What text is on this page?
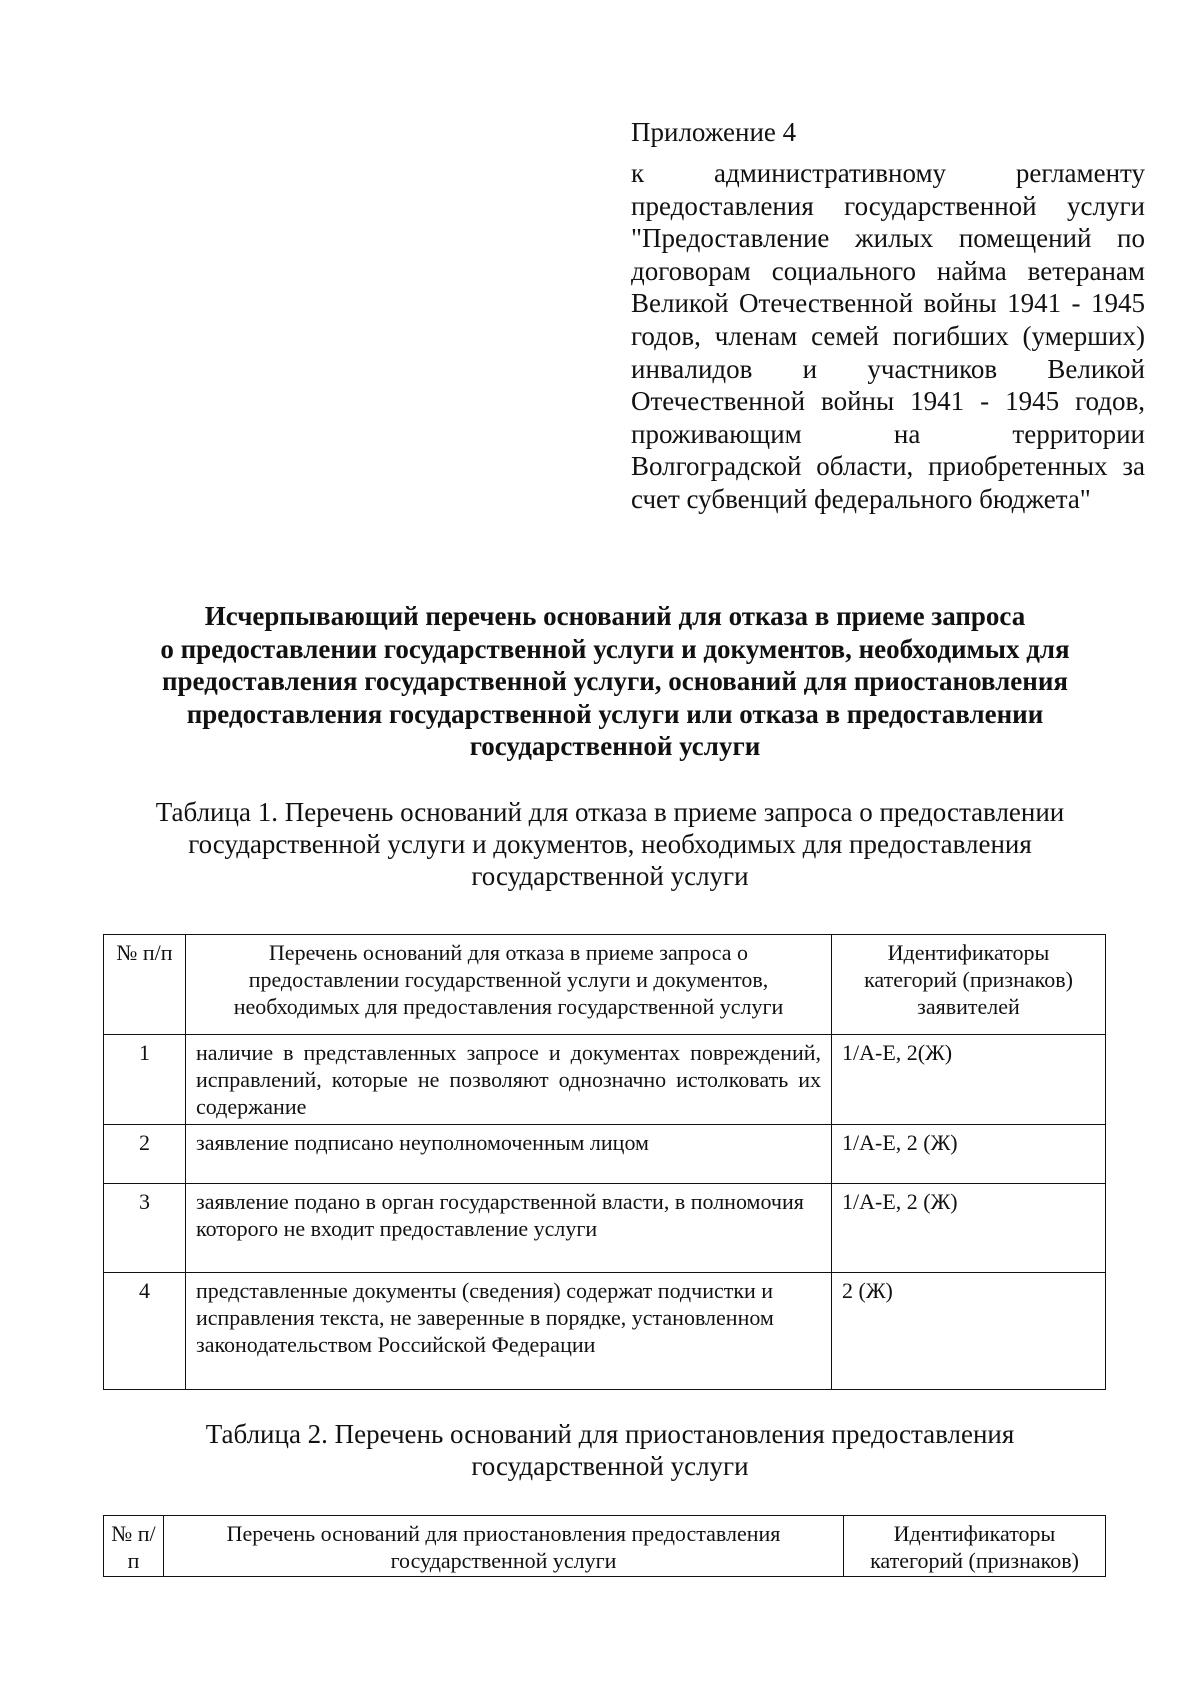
Приложение 4

к административному регламенту предоставления государственной услуги "Предоставление жилых помещений по договорам социального найма ветеранам Великой Отечественной войны 1941 - 1945 годов, членам семей погибших (умерших) инвалидов и участников Великой Отечественной войны 1941 - 1945 годов, проживающим на территории Волгоградской области, приобретенных за счет субвенций федерального бюджета"

Исчерпывающий перечень оснований для отказа в приеме запроса
о предоставлении государственной услуги и документов, необходимых для
предоставления государственной услуги, оснований для приостановления
предоставления государственной услуги или отказа в предоставлении
государственной услуги

Таблица 1. Перечень оснований для отказа в приеме запроса о предоставлении
государственной услуги и документов, необходимых для предоставления
государственной услуги

№ п/п	Перечень оснований для отказа в приеме запроса о предоставлении государственной услуги и документов, необходимых для предоставления государственной услуги	Идентификаторы категорий (признаков) заявителей
1	наличие в представленных запросе и документах повреждений, исправлений, которые не позволяют однозначно истолковать их содержание	1/А-Е, 2(Ж)
2	заявление подписано неуполномоченным лицом	1/А-Е, 2 (Ж)
3	заявление подано в орган государственной власти, в полномочия которого не входит предоставление услуги	1/А-Е, 2 (Ж)
4	представленные документы (сведения) содержат подчистки и исправления текста, не заверенные в порядке, установленном законодательством Российской Федерации	2 (Ж)

Таблица 2. Перечень оснований для приостановления предоставления
государственной услуги

№ п/п	Перечень оснований для приостановления предоставления государственной услуги	Идентификаторы категорий (признаков)
